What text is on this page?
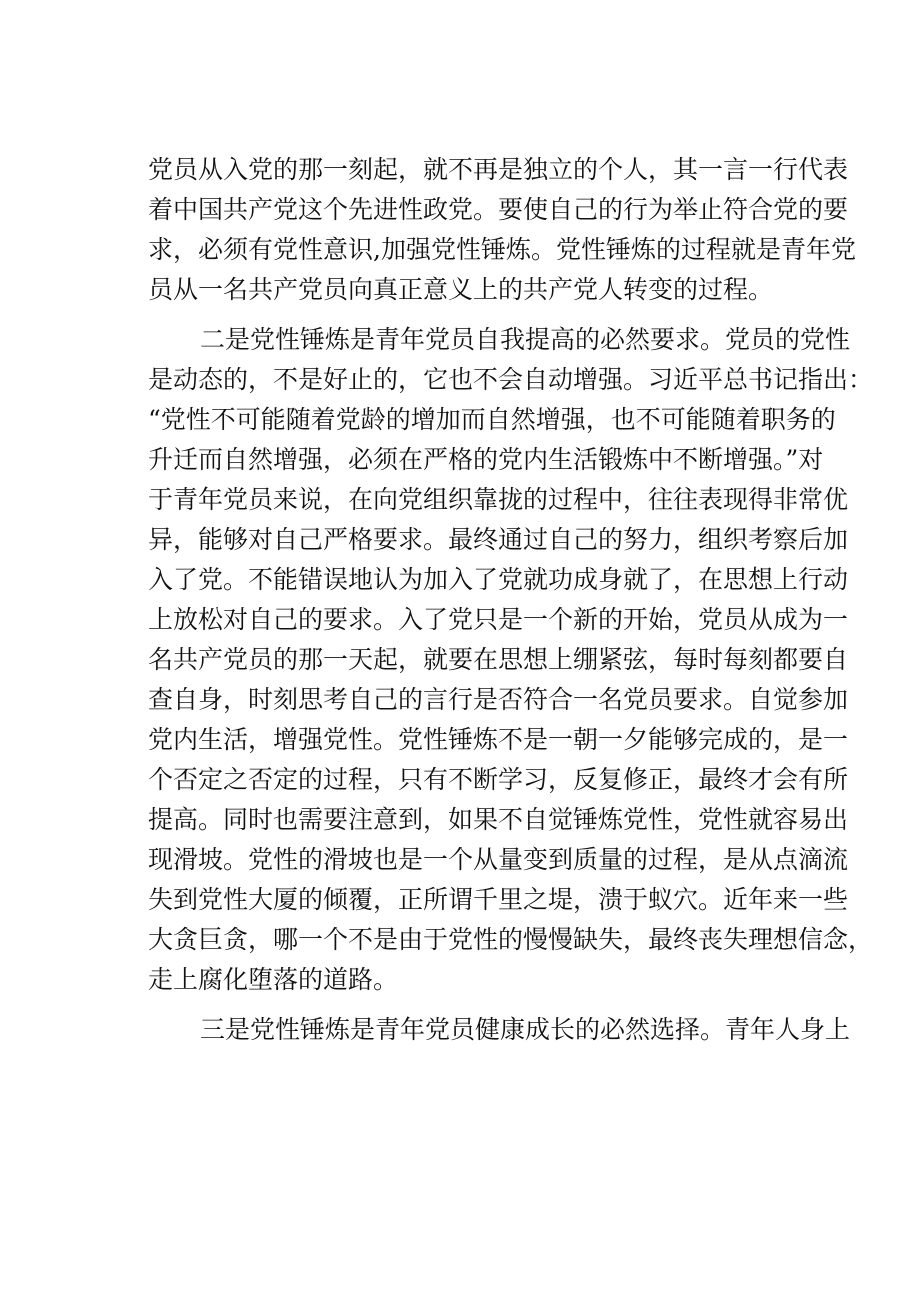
党员从入党的那一刻起，就不再是独立的个人，其一言一行代表
着中国共产党这个先进性政党。要使自己的行为举止符合党的要
求，必须有党性意识,加强党性锤炼。党性锤炼的过程就是青年党
员从一名共产党员向真正意义上的共产党人转变的过程。
二是党性锤炼是青年党员自我提高的必然要求。党员的党性
是动态的，不是好止的，它也不会自动增强。习近平总书记指出：
“党性不可能随着党龄的增加而自然增强，也不可能随着职务的
升迁而自然增强，必须在严格的党内生活锻炼中不断增强。”对
于青年党员来说，在向党组织靠拢的过程中，往往表现得非常优
异，能够对自己严格要求。最终通过自己的努力，组织考察后加
入了党。不能错误地认为加入了党就功成身就了，在思想上行动
上放松对自己的要求。入了党只是一个新的开始，党员从成为一
名共产党员的那一天起，就要在思想上绷紧弦，每时每刻都要自
查自身，时刻思考自己的言行是否符合一名党员要求。自觉参加
党内生活，增强党性。党性锤炼不是一朝一夕能够完成的，是一
个否定之否定的过程，只有不断学习，反复修正，最终才会有所
提高。同时也需要注意到，如果不自觉锤炼党性，党性就容易出
现滑坡。党性的滑坡也是一个从量变到质量的过程，是从点滴流
失到党性大厦的倾覆，正所谓千里之堤，溃于蚁穴。近年来一些
大贪巨贪，哪一个不是由于党性的慢慢缺失，最终丧失理想信念，
走上腐化堕落的道路。
三是党性锤炼是青年党员健康成长的必然选择。青年人身上
